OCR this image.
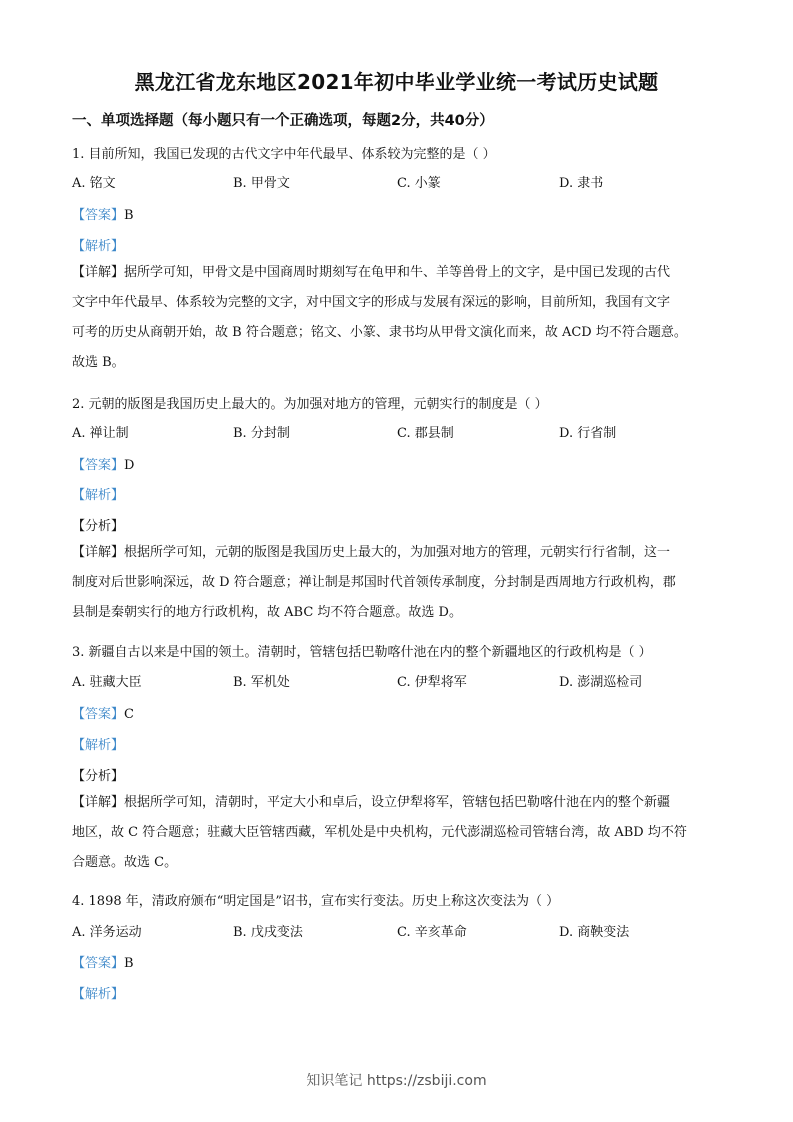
黑龙江省龙东地区2021年初中毕业学业统一考试历史试题
一、单项选择题（每小题只有一个正确选项，每题2分，共40分）
1. 目前所知，我国已发现的古代文字中年代最早、体系较为完整的是（ ）
A. 铭文	B. 甲骨文	C. 小篆	D. 隶书
【答案】B
【解析】
【详解】据所学可知，甲骨文是中国商周时期刻写在龟甲和牛、羊等兽骨上的文字，是中国已发现的古代
文字中年代最早、体系较为完整的文字，对中国文字的形成与发展有深远的影响，目前所知，我国有文字
可考的历史从商朝开始，故 B 符合题意；铭文、小篆、隶书均从甲骨文演化而来，故 ACD 均不符合题意。
故选 B。
2. 元朝的版图是我国历史上最大的。为加强对地方的管理，元朝实行的制度是（ ）
A. 禅让制	B. 分封制	C. 郡县制	D. 行省制
【答案】D
【解析】
【分析】
【详解】根据所学可知，元朝的版图是我国历史上最大的，为加强对地方的管理，元朝实行行省制，这一
制度对后世影响深远，故 D 符合题意；禅让制是邦国时代首领传承制度，分封制是西周地方行政机构，郡
县制是秦朝实行的地方行政机构，故 ABC 均不符合题意。故选 D。
3. 新疆自古以来是中国的领土。清朝时，管辖包括巴勒喀什池在内的整个新疆地区的行政机构是（ ）
A. 驻藏大臣	B. 军机处	C. 伊犁将军	D. 澎湖巡检司
【答案】C
【解析】
【分析】
【详解】根据所学可知，清朝时，平定大小和卓后，设立伊犁将军，管辖包括巴勒喀什池在内的整个新疆
地区，故 C 符合题意；驻藏大臣管辖西藏，军机处是中央机构，元代澎湖巡检司管辖台湾，故 ABD 均不符
合题意。故选 C。
4. 1898 年，清政府颁布“明定国是”诏书，宣布实行变法。历史上称这次变法为（ ）
A. 洋务运动	B. 戊戌变法	C. 辛亥革命	D. 商鞅变法
【答案】B
【解析】
知识笔记 https://zsbiji.com
